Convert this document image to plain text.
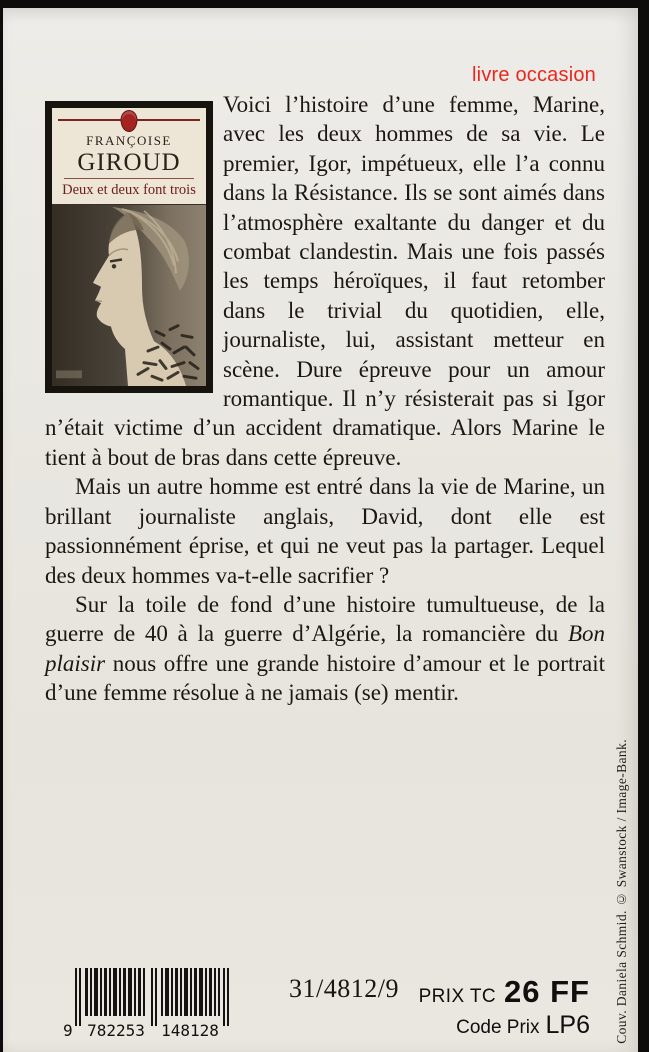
livre occasion
FRANÇOISE
GIROUD
Deux et deux font trois

Voici l’histoire d’une femme, Marine, avec les deux hommes de sa vie. Le premier, Igor, impétueux, elle l’a connu dans la Résistance. Ils se sont aimés dans l’atmosphère exaltante du danger et du combat clandestin. Mais une fois passés les temps héroïques, il faut retomber dans le trivial du quotidien, elle, journaliste, lui, assistant metteur en scène. Dure épreuve pour un amour romantique. Il n’y résisterait pas si Igor n’était victime d’un accident dramatique. Alors Marine le tient à bout de bras dans cette épreuve.

Mais un autre homme est entré dans la vie de Marine, un brillant journaliste anglais, David, dont elle est passionnément éprise, et qui ne veut pas la partager. Lequel des deux hommes va-t-elle sacrifier ?

Sur la toile de fond d’une histoire tumultueuse, de la guerre de 40 à la guerre d’Algérie, la romancière du Bon plaisir nous offre une grande histoire d’amour et le portrait d’une femme résolue à ne jamais (se) mentir.

9 782253 148128
31/4812/9 PRIX TC 26 FF
Code Prix LP6 Couv. Daniela Schmid. © Swanstock / Image-Bank.
